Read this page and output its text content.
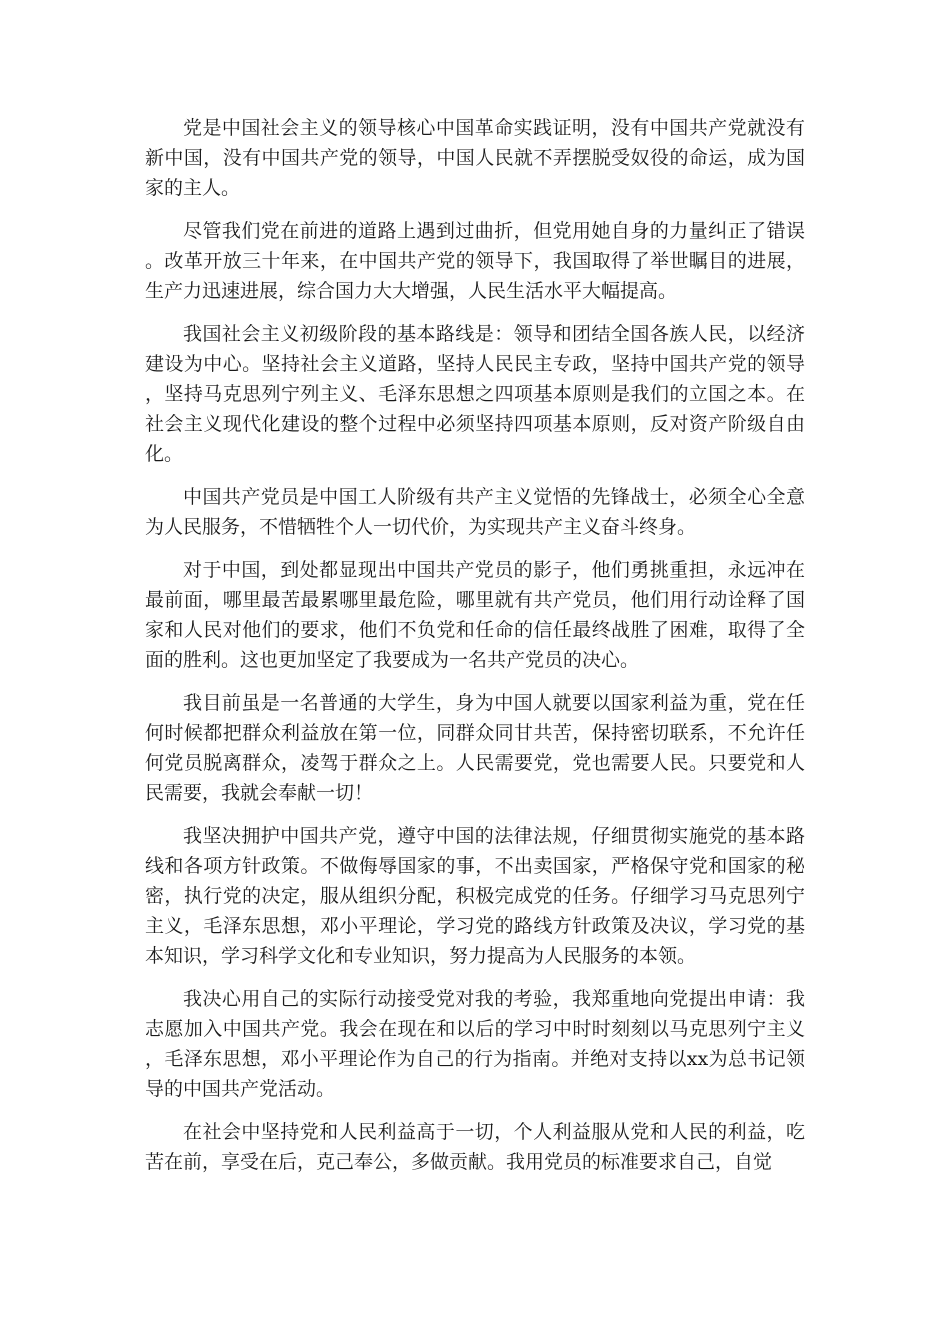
党是中国社会主义的领导核心中国革命实践证明，没有中国共产党就没有新中国，没有中国共产党的领导，中国人民就不弄摆脱受奴役的命运，成为国家的主人。

尽管我们党在前进的道路上遇到过曲折，但党用她自身的力量纠正了错误。改革开放三十年来，在中国共产党的领导下，我国取得了举世瞩目的进展，生产力迅速进展，综合国力大大增强，人民生活水平大幅提高。

我国社会主义初级阶段的基本路线是：领导和团结全国各族人民，以经济建设为中心。坚持社会主义道路，坚持人民民主专政，坚持中国共产党的领导，坚持马克思列宁列主义、毛泽东思想之四项基本原则是我们的立国之本。在社会主义现代化建设的整个过程中必须坚持四项基本原则，反对资产阶级自由化。

中国共产党员是中国工人阶级有共产主义觉悟的先锋战士，必须全心全意为人民服务，不惜牺牲个人一切代价，为实现共产主义奋斗终身。

对于中国，到处都显现出中国共产党员的影子，他们勇挑重担，永远冲在最前面，哪里最苦最累哪里最危险，哪里就有共产党员，他们用行动诠释了国家和人民对他们的要求，他们不负党和任命的信任最终战胜了困难，取得了全面的胜利。这也更加坚定了我要成为一名共产党员的决心。

我目前虽是一名普通的大学生，身为中国人就要以国家利益为重，党在任何时候都把群众利益放在第一位，同群众同甘共苦，保持密切联系，不允许任何党员脱离群众，凌驾于群众之上。人民需要党，党也需要人民。只要党和人民需要，我就会奉献一切！

我坚决拥护中国共产党，遵守中国的法律法规，仔细贯彻实施党的基本路线和各项方针政策。不做侮辱国家的事，不出卖国家，严格保守党和国家的秘密，执行党的决定，服从组织分配，积极完成党的任务。仔细学习马克思列宁主义，毛泽东思想，邓小平理论，学习党的路线方针政策及决议，学习党的基本知识，学习科学文化和专业知识，努力提高为人民服务的本领。

我决心用自己的实际行动接受党对我的考验，我郑重地向党提出申请：我志愿加入中国共产党。我会在现在和以后的学习中时时刻刻以马克思列宁主义，毛泽东思想，邓小平理论作为自己的行为指南。并绝对支持以xx为总书记领导的中国共产党活动。

在社会中坚持党和人民利益高于一切，个人利益服从党和人民的利益，吃苦在前，享受在后，克己奉公，多做贡献。我用党员的标准要求自己，自觉
